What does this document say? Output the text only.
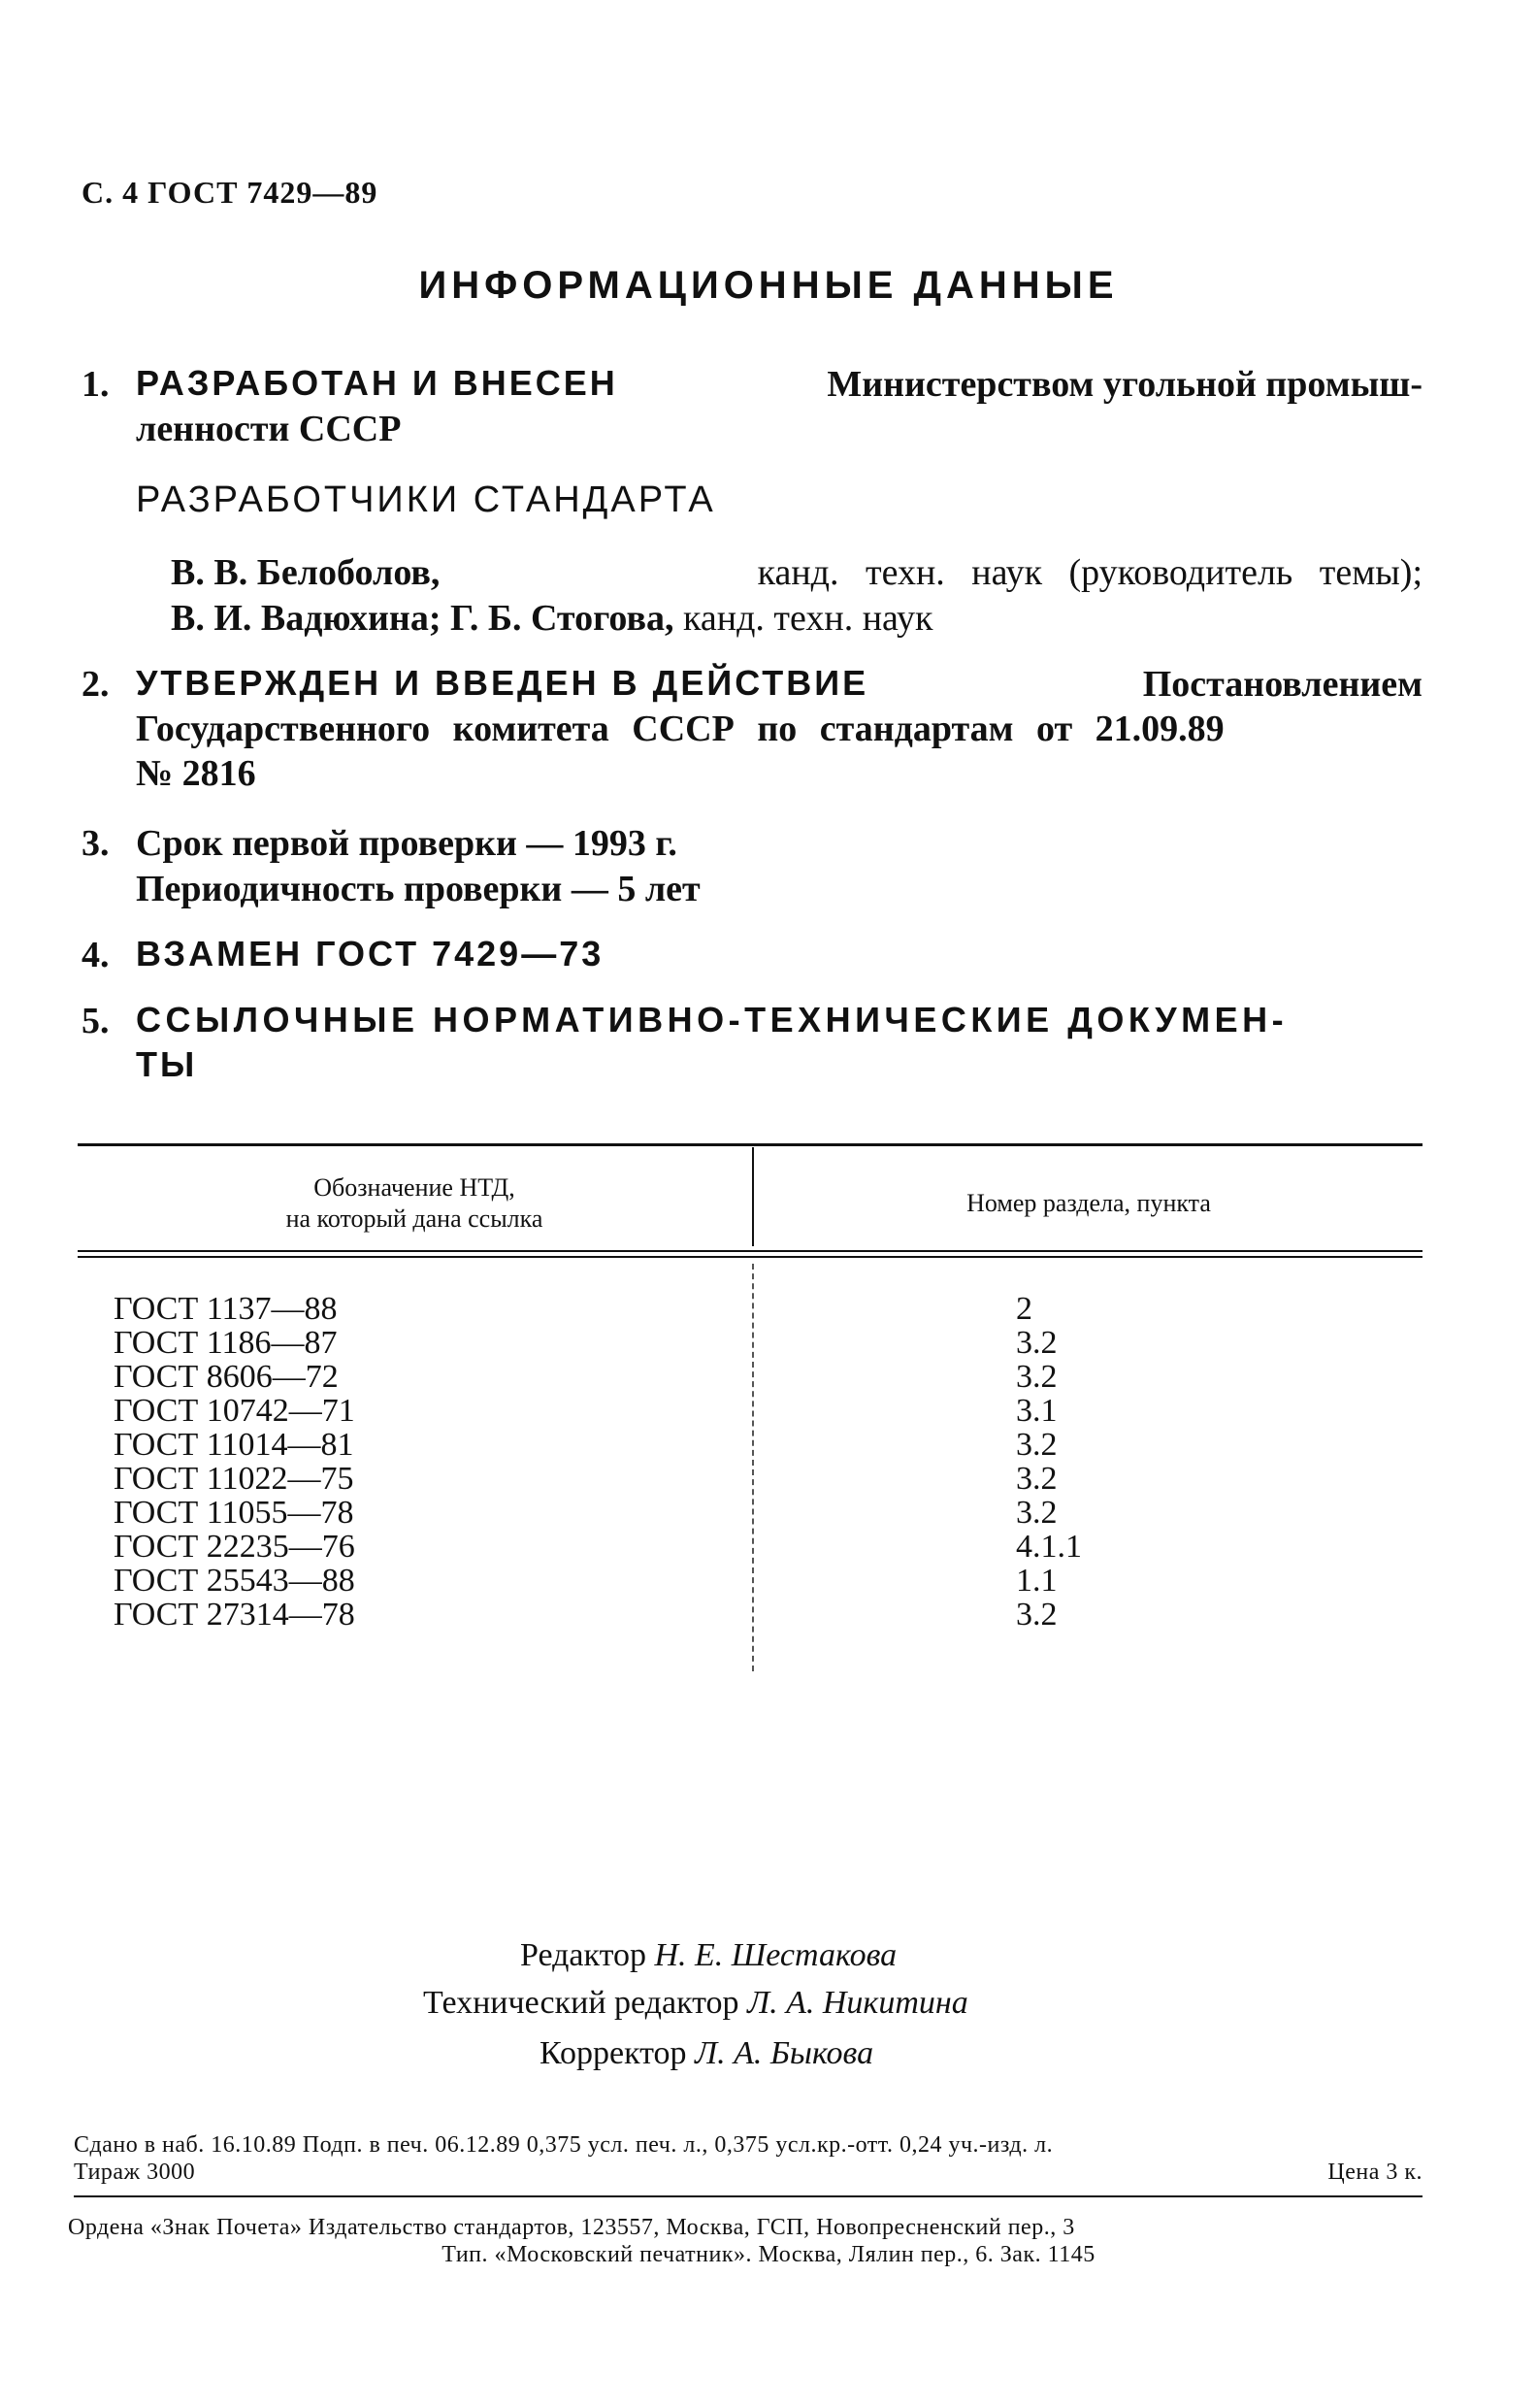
С. 4 ГОСТ 7429—89
ИНФОРМАЦИОННЫЕ ДАННЫЕ
1. РАЗРАБОТАН И ВНЕСЕН	Министерством угольной промыш-
ленности СССР
РАЗРАБОТЧИКИ СТАНДАРТА
В. В. Белоболов,	канд. техн. наук (руководитель темы);
В. И. Вадюхина; Г. Б. Стогова, канд. техн. наук
2. УТВЕРЖДЕН И ВВЕДЕН В ДЕЙСТВИЕ	Постановлением
Государственного комитета СССР по стандартам от 21.09.89
№ 2816
3. Срок первой проверки — 1993 г.
Периодичность проверки — 5 лет
4. ВЗАМЕН ГОСТ 7429—73
5. ССЫЛОЧНЫЕ НОРМАТИВНО-ТЕХНИЧЕСКИЕ ДОКУМЕН-
ТЫ
Обозначение НТД,
на который дана ссылка
Номер раздела, пункта
ГОСТ 1137—88	2
ГОСТ 1186—87	3.2
ГОСТ 8606—72	3.2
ГОСТ 10742—71	3.1
ГОСТ 11014—81	3.2
ГОСТ 11022—75	3.2
ГОСТ 11055—78	3.2
ГОСТ 22235—76	4.1.1
ГОСТ 25543—88	1.1
ГОСТ 27314—78	3.2
Редактор Н. Е. Шестакова
Технический редактор Л. А. Никитина
Корректор Л. А. Быкова
Сдано в наб. 16.10.89 Подп. в печ. 06.12.89 0,375 усл. печ. л., 0,375 усл.кр.-отт. 0,24 уч.-изд. л.
Тираж 3000	Цена 3 к.
Ордена «Знак Почета» Издательство стандартов, 123557, Москва, ГСП, Новопресненский пер., 3
Тип. «Московский печатник». Москва, Лялин пер., 6. Зак. 1145
